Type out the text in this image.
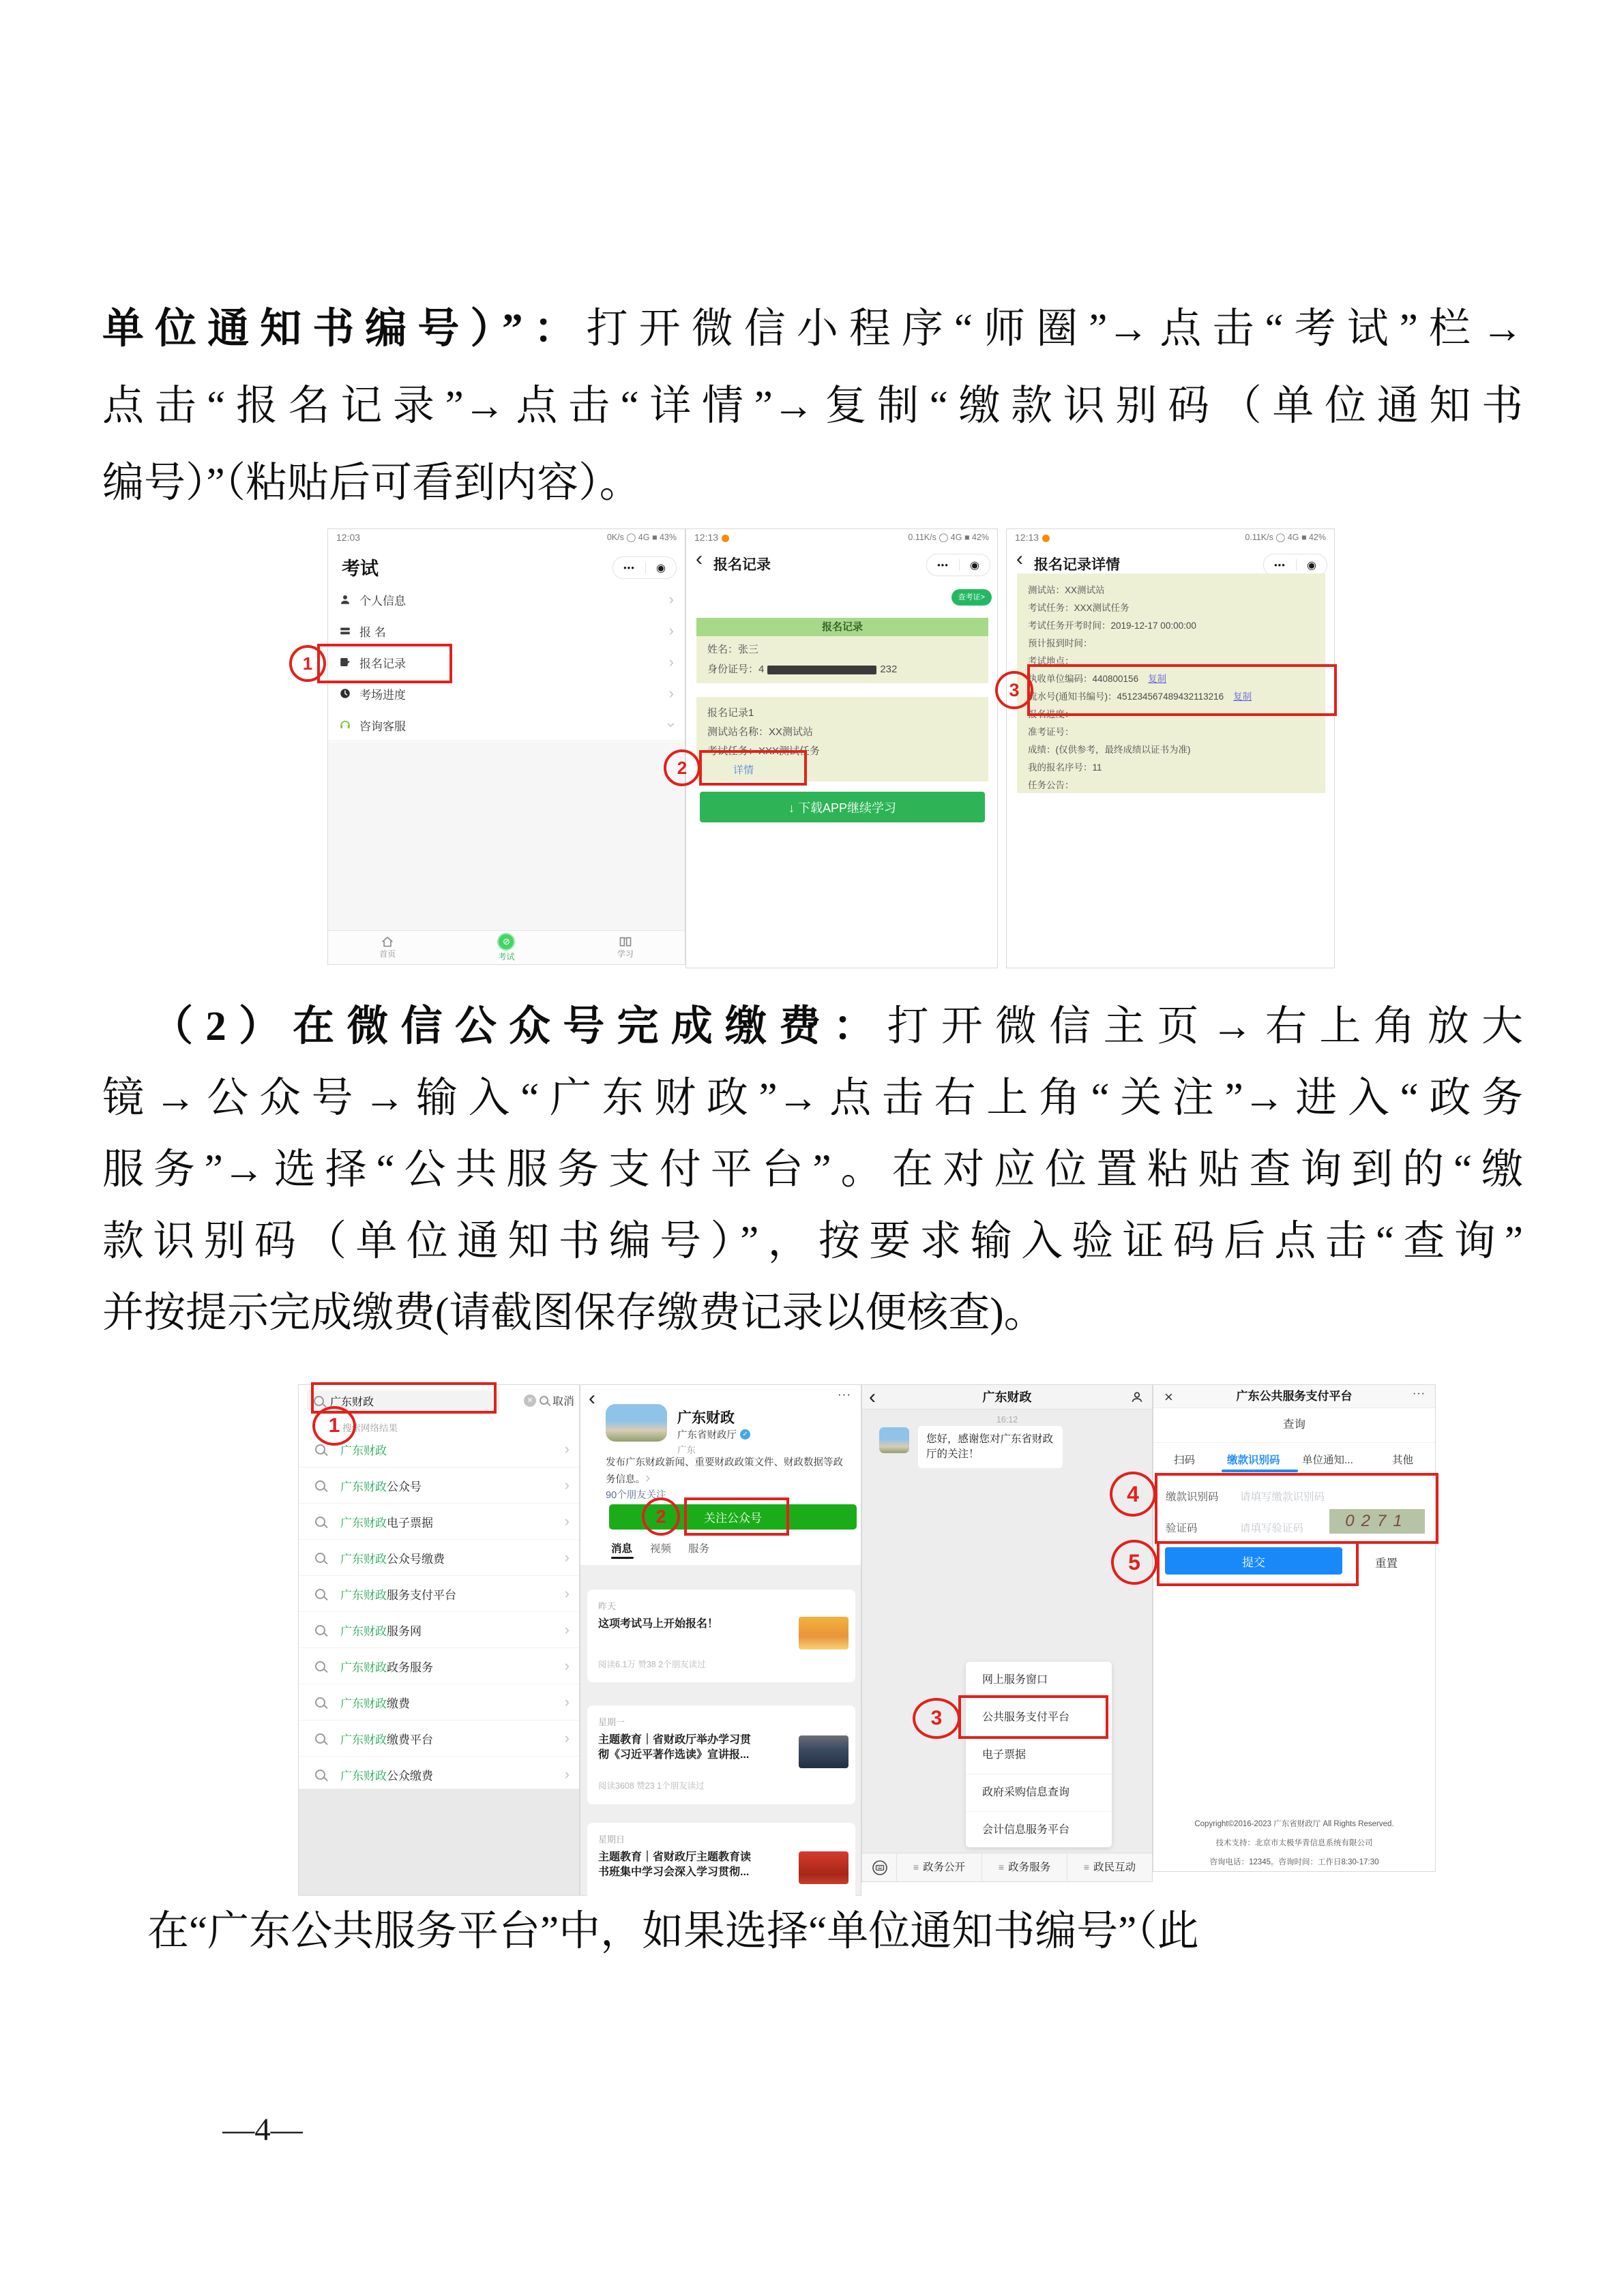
单位通知书编号）”：打开微信小程序“师圈”→点击“考试”栏→
点击“报名记录”→点击“详情”→复制“缴款识别码（单位通知书
编号）”（粘贴后可看到内容）。
12:03	0K/s ◯ 4G ■ 43%
考试
•••
◉
个人信息
›
报 名
›
报名记录
›
考场进度
›
咨询客服
›
首页
⊘
考试	学习
12:13	0.11K/s ◯ 4G ■ 42%
‹
报名记录
•••
◉
查考证>
报名记录
姓名：张三
身份证号：4	232
报名记录1
测试站名称：XX测试站
考试任务：XXX测试任务
详情
↓ 下载APP继续学习
12:13	0.11K/s ◯ 4G ■ 42%
‹
报名记录详情
•••
◉
测试站：XX测试站
考试任务：XXX测试任务
考试任务开考时间：2019-12-17 00:00:00
预计报到时间：
考试地点：
执收单位编码：440800156 复制
流水号(通知书编号)：451234567489432113216 复制
报名进度：
准考证号：
成绩：(仅供参考，最终成绩以证书为准)
我的报名序号：11
任务公告：
（2）在微信公众号完成缴费：打开微信主页→右上角放大
镜→公众号→输入“广东财政”→点击右上角“关注”→进入“政务
服务”→选择“公共服务支付平台”。在对应位置粘贴查询到的“缴
款识别码（单位通知书编号）”，按要求输入验证码后点击“查询”
并按提示完成缴费(请截图保存缴费记录以便核查)。
广东财政	✕ 取消
搜索网络结果
广东财政
›
广东财政公众号
›
广东财政电子票据
›
广东财政公众号缴费
›
广东财政服务支付平台
›
广东财政服务网
›
广东财政政务服务
›
广东财政缴费
›
广东财政缴费平台
›
广东财政公众缴费
›
‹
···
广东财政
广东省财政厅 ✓
广东
发布广东财政新闻、重要财政政策文件、财政数据等政务信息。 ›
90个朋友关注
关注公众号
消息 视频 服务
昨天
这项考试马上开始报名！
阅读6.1万 赞38 2个朋友读过
星期一
主题教育｜省财政厅举办学习贯彻《习近平著作选读》宣讲报...
阅读3608 赞23 1个朋友读过
星期日
主题教育｜省财政厅主题教育读书班集中学习会深入学习贯彻...
‹
广东财政
16:12
您好，感谢您对广东省财政厅的关注！
网上服务窗口
公共服务支付平台
电子票据
政府采购信息查询
会计信息服务平台
≡ 政务公开	≡ 政务服务	≡ 政民互动
×
广东公共服务支付平台	···
查询
扫码	缴款识别码 单位通知...	其他
缴款识别码 请填写缴款识别码
验证码	请填写验证码	0271
提交	重置
Copyright©2016-2023 广东省财政厅 All Rights Reserved.
技术支持：北京市太极华青信息系统有限公司
咨询电话：12345。咨询时间：工作日8:30-17:30
在“广东公共服务平台”中，如果选择“单位通知书编号”（此
—4—
1
2
3
1
2
3
4
5
